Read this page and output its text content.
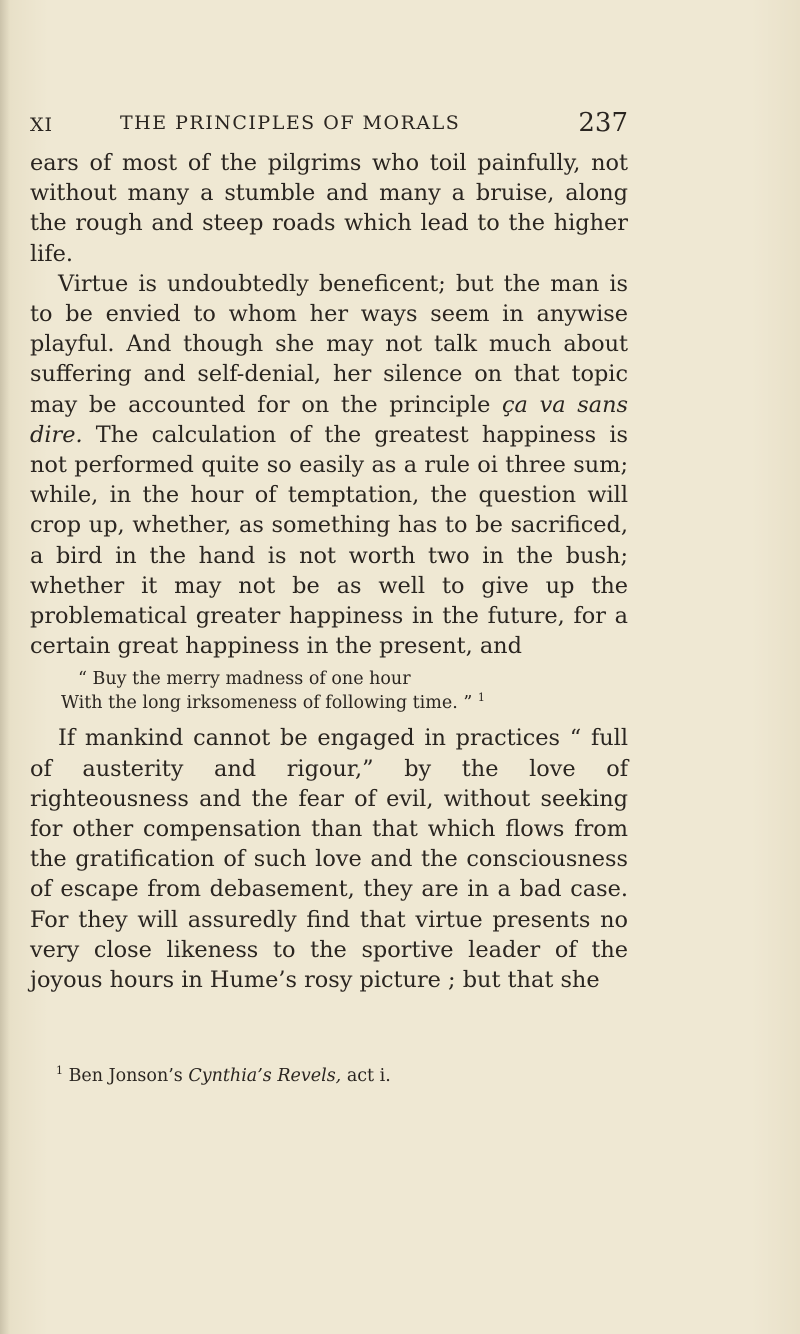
XI	THE PRINCIPLES OF MORALS	237

ears of most of the pilgrims who toil painfully, not without many a stumble and many a bruise, along the rough and steep roads which lead to the higher life.

Virtue is undoubtedly beneficent; but the man is to be envied to whom her ways seem in anywise playful. And though she may not talk much about suffering and self-denial, her silence on that topic may be accounted for on the principle ça va sans dire. The calculation of the greatest happiness is not performed quite so easily as a rule oi three sum; while, in the hour of temptation, the question will crop up, whether, as something has to be sacrificed, a bird in the hand is not worth two in the bush; whether it may not be as well to give up the problematical greater happiness in the future, for a certain great happiness in the present, and

“ Buy the merry madness of one hour
With the long irksomeness of following time. ” $^1$

If mankind cannot be engaged in practices “ full of austerity and rigour,” by the love of righteousness and the fear of evil, without seeking for other compensation than that which flows from the gratification of such love and the consciousness of escape from debasement, they are in a bad case. For they will assuredly find that virtue presents no very close likeness to the sportive leader of the joyous hours in Hume’s rosy picture ; but that she

$^1$ Ben Jonson’s Cynthia’s Revels, act i.
